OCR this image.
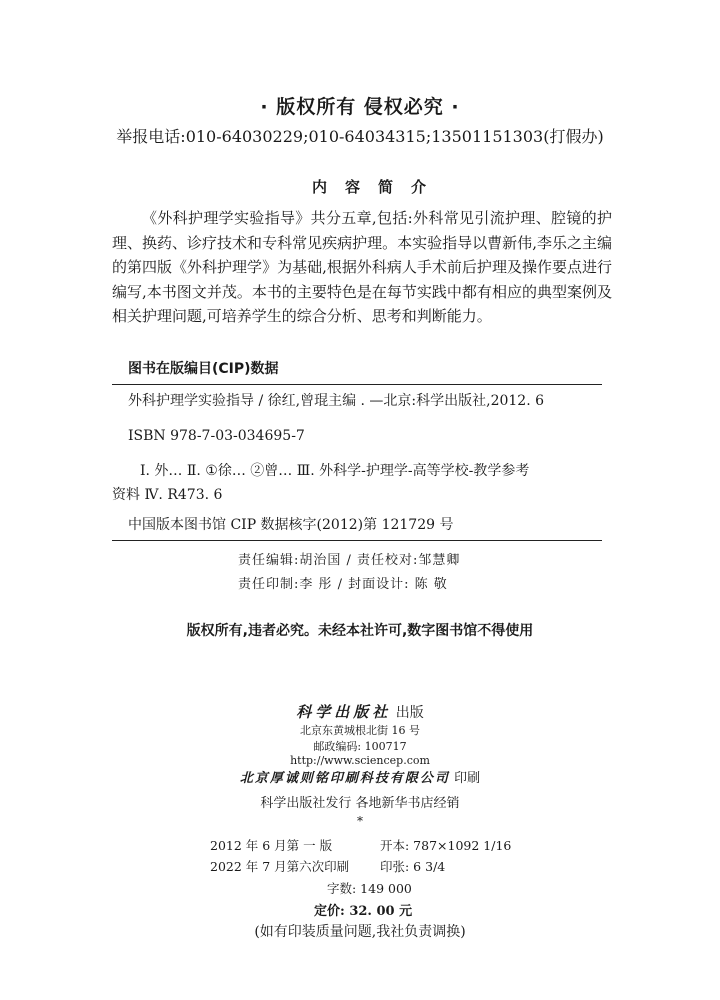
· 版权所有 侵权必究 ·
举报电话:010-64030229;010-64034315;13501151303(打假办)
内容简介

《外科护理学实验指导》共分五章,包括:外科常见引流护理、腔镜的护理、换药、诊疗技术和专科常见疾病护理。本实验指导以曹新伟,李乐之主编的第四版《外科护理学》为基础,根据外科病人手术前后护理及操作要点进行编写,本书图文并茂。本书的主要特色是在每节实践中都有相应的典型案例及相关护理问题,可培养学生的综合分析、思考和判断能力。

图书在版编目(CIP)数据
外科护理学实验指导 / 徐红,曾琨主编 . —北京:科学出版社,2012. 6
ISBN 978-7-03-034695-7
Ⅰ. 外… Ⅱ. ①徐… ②曾… Ⅲ. 外科学-护理学-高等学校-教学参考
资料 Ⅳ. R473. 6
中国版本图书馆 CIP 数据核字(2012)第 121729 号
责任编辑:胡治国 / 责任校对:邹慧卿
责任印制:李 彤 / 封面设计: 陈 敬
版权所有,违者必究。未经本社许可,数字图书馆不得使用
科学出版社 出版
北京东黄城根北街 16 号
邮政编码: 100717
http://www.sciencep.com
北京厚诚则铭印刷科技有限公司 印刷
科学出版社发行 各地新华书店经销
*
2012 年 6 月第 一 版	开本: 787×1092 1/16
2022 年 7 月第六次印刷 印张: 6 3/4
字数: 149 000
定价: 32. 00 元
(如有印装质量问题,我社负责调换)
